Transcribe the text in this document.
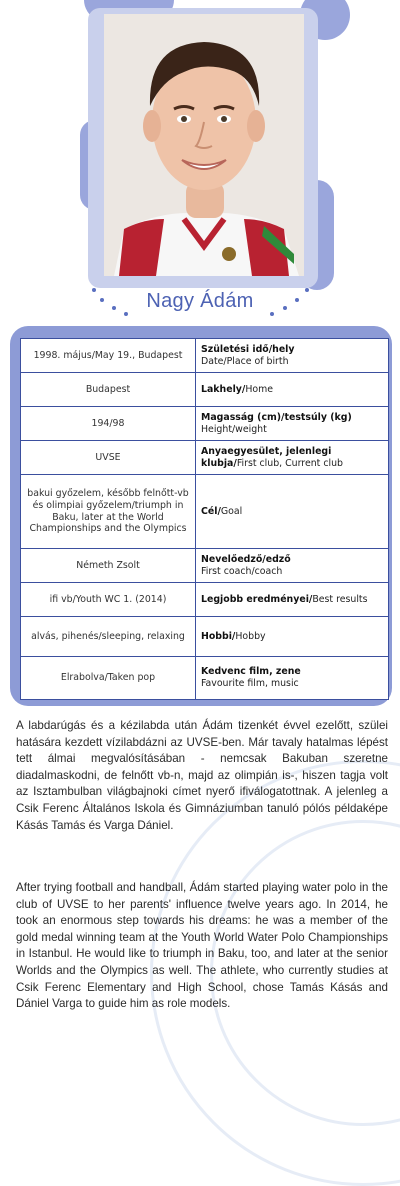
Nagy Ádám
1998. május/May 19., Budapest	Születési idő/hely
Date/Place of birth
Budapest	Lakhely/Home
194/98	Magasság (cm)/testsúly (kg)
Height/weight
UVSE	Anyaegyesület, jelenlegi klubja/First club, Current club
bakui győzelem, később felnőtt-vb és olimpiai győzelem/triumph in Baku, later at the World Championships and the Olympics	Cél/Goal
Németh Zsolt	Nevelőedző/edző
First coach/coach
ifi vb/Youth WC 1. (2014)	Legjobb eredményei/Best results
alvás, pihenés/sleeping, relaxing	Hobbi/Hobby
Elrabolva/Taken pop	Kedvenc film, zene
Favourite film, music
A labdarúgás és a kézilabda után Ádám tizenkét évvel ezelőtt, szülei hatására kezdett vízilabdázni az UVSE-ben. Már tavaly hatalmas lépést tett álmai megvalósításában - nemcsak Bakuban szeretne diadalmaskodni, de felnőtt vb-n, majd az olimpián is-, hiszen tagja volt az Isztambulban világbajnoki címet nyerő ifiválogatottnak. A jelenleg a Csik Ferenc Általános Iskola és Gimnáziumban tanuló pólós példaképe Kásás Tamás és Varga Dániel.
After trying football and handball, Ádám started playing water polo in the club of UVSE to her parents' influence twelve years ago. In 2014, he took an enormous step towards his dreams: he was a member of the gold medal winning team at the Youth World Water Polo Championships in Istanbul. He would like to triumph in Baku, too, and later at the senior Worlds and the Olympics as well. The athlete, who currently studies at Csik Ferenc Elementary and High School, chose Tamás Kásás and Dániel Varga to guide him as role models.
